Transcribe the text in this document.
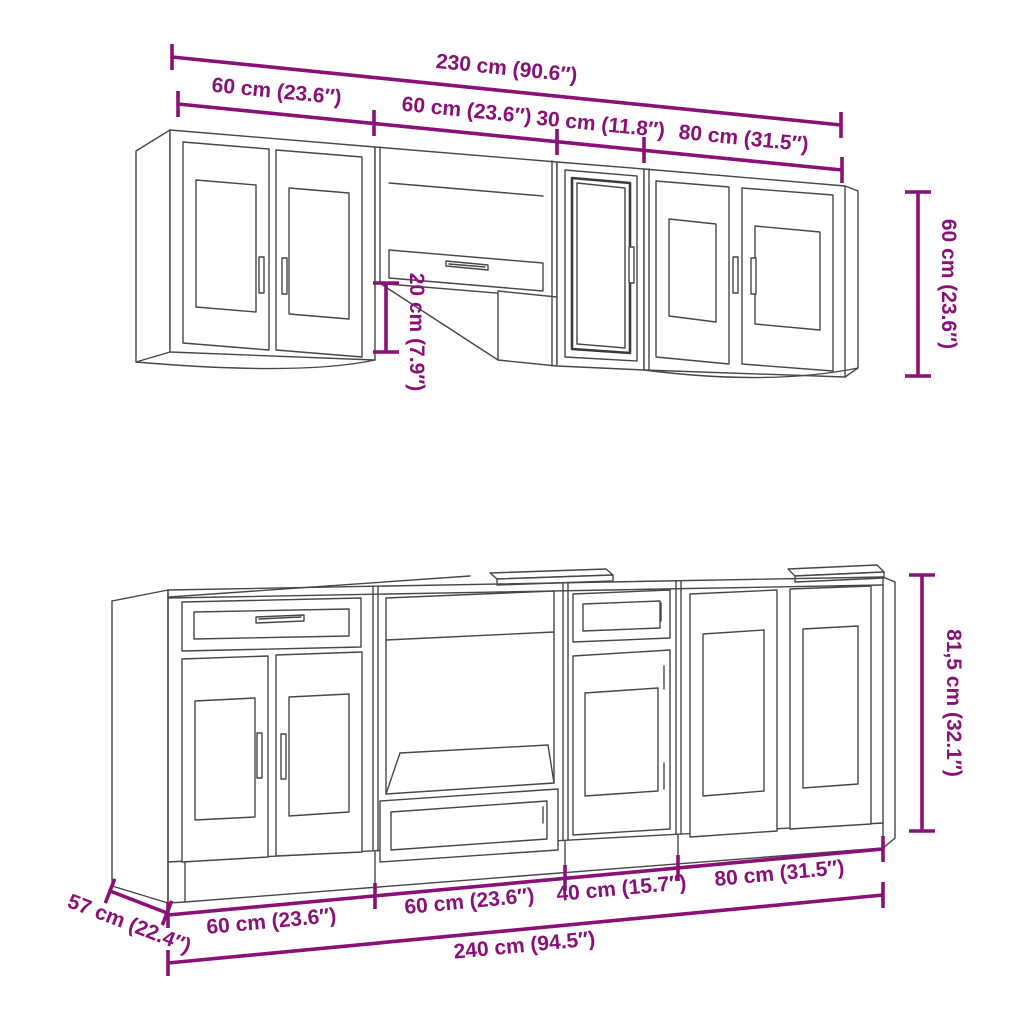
230 cm (90.6″)
60 cm (23.6″)
60 cm (23.6″) 30 cm (11.8″) 80 cm (31.5″)
60 cm (23.6″)
20 cm (7.9″)
81,5 cm (32.1″)
57 cm (22.4″) 60 cm (23.6″)
60 cm (23.6″) 40 cm (15.7″) 80 cm (31.5″)
240 cm (94.5″)
